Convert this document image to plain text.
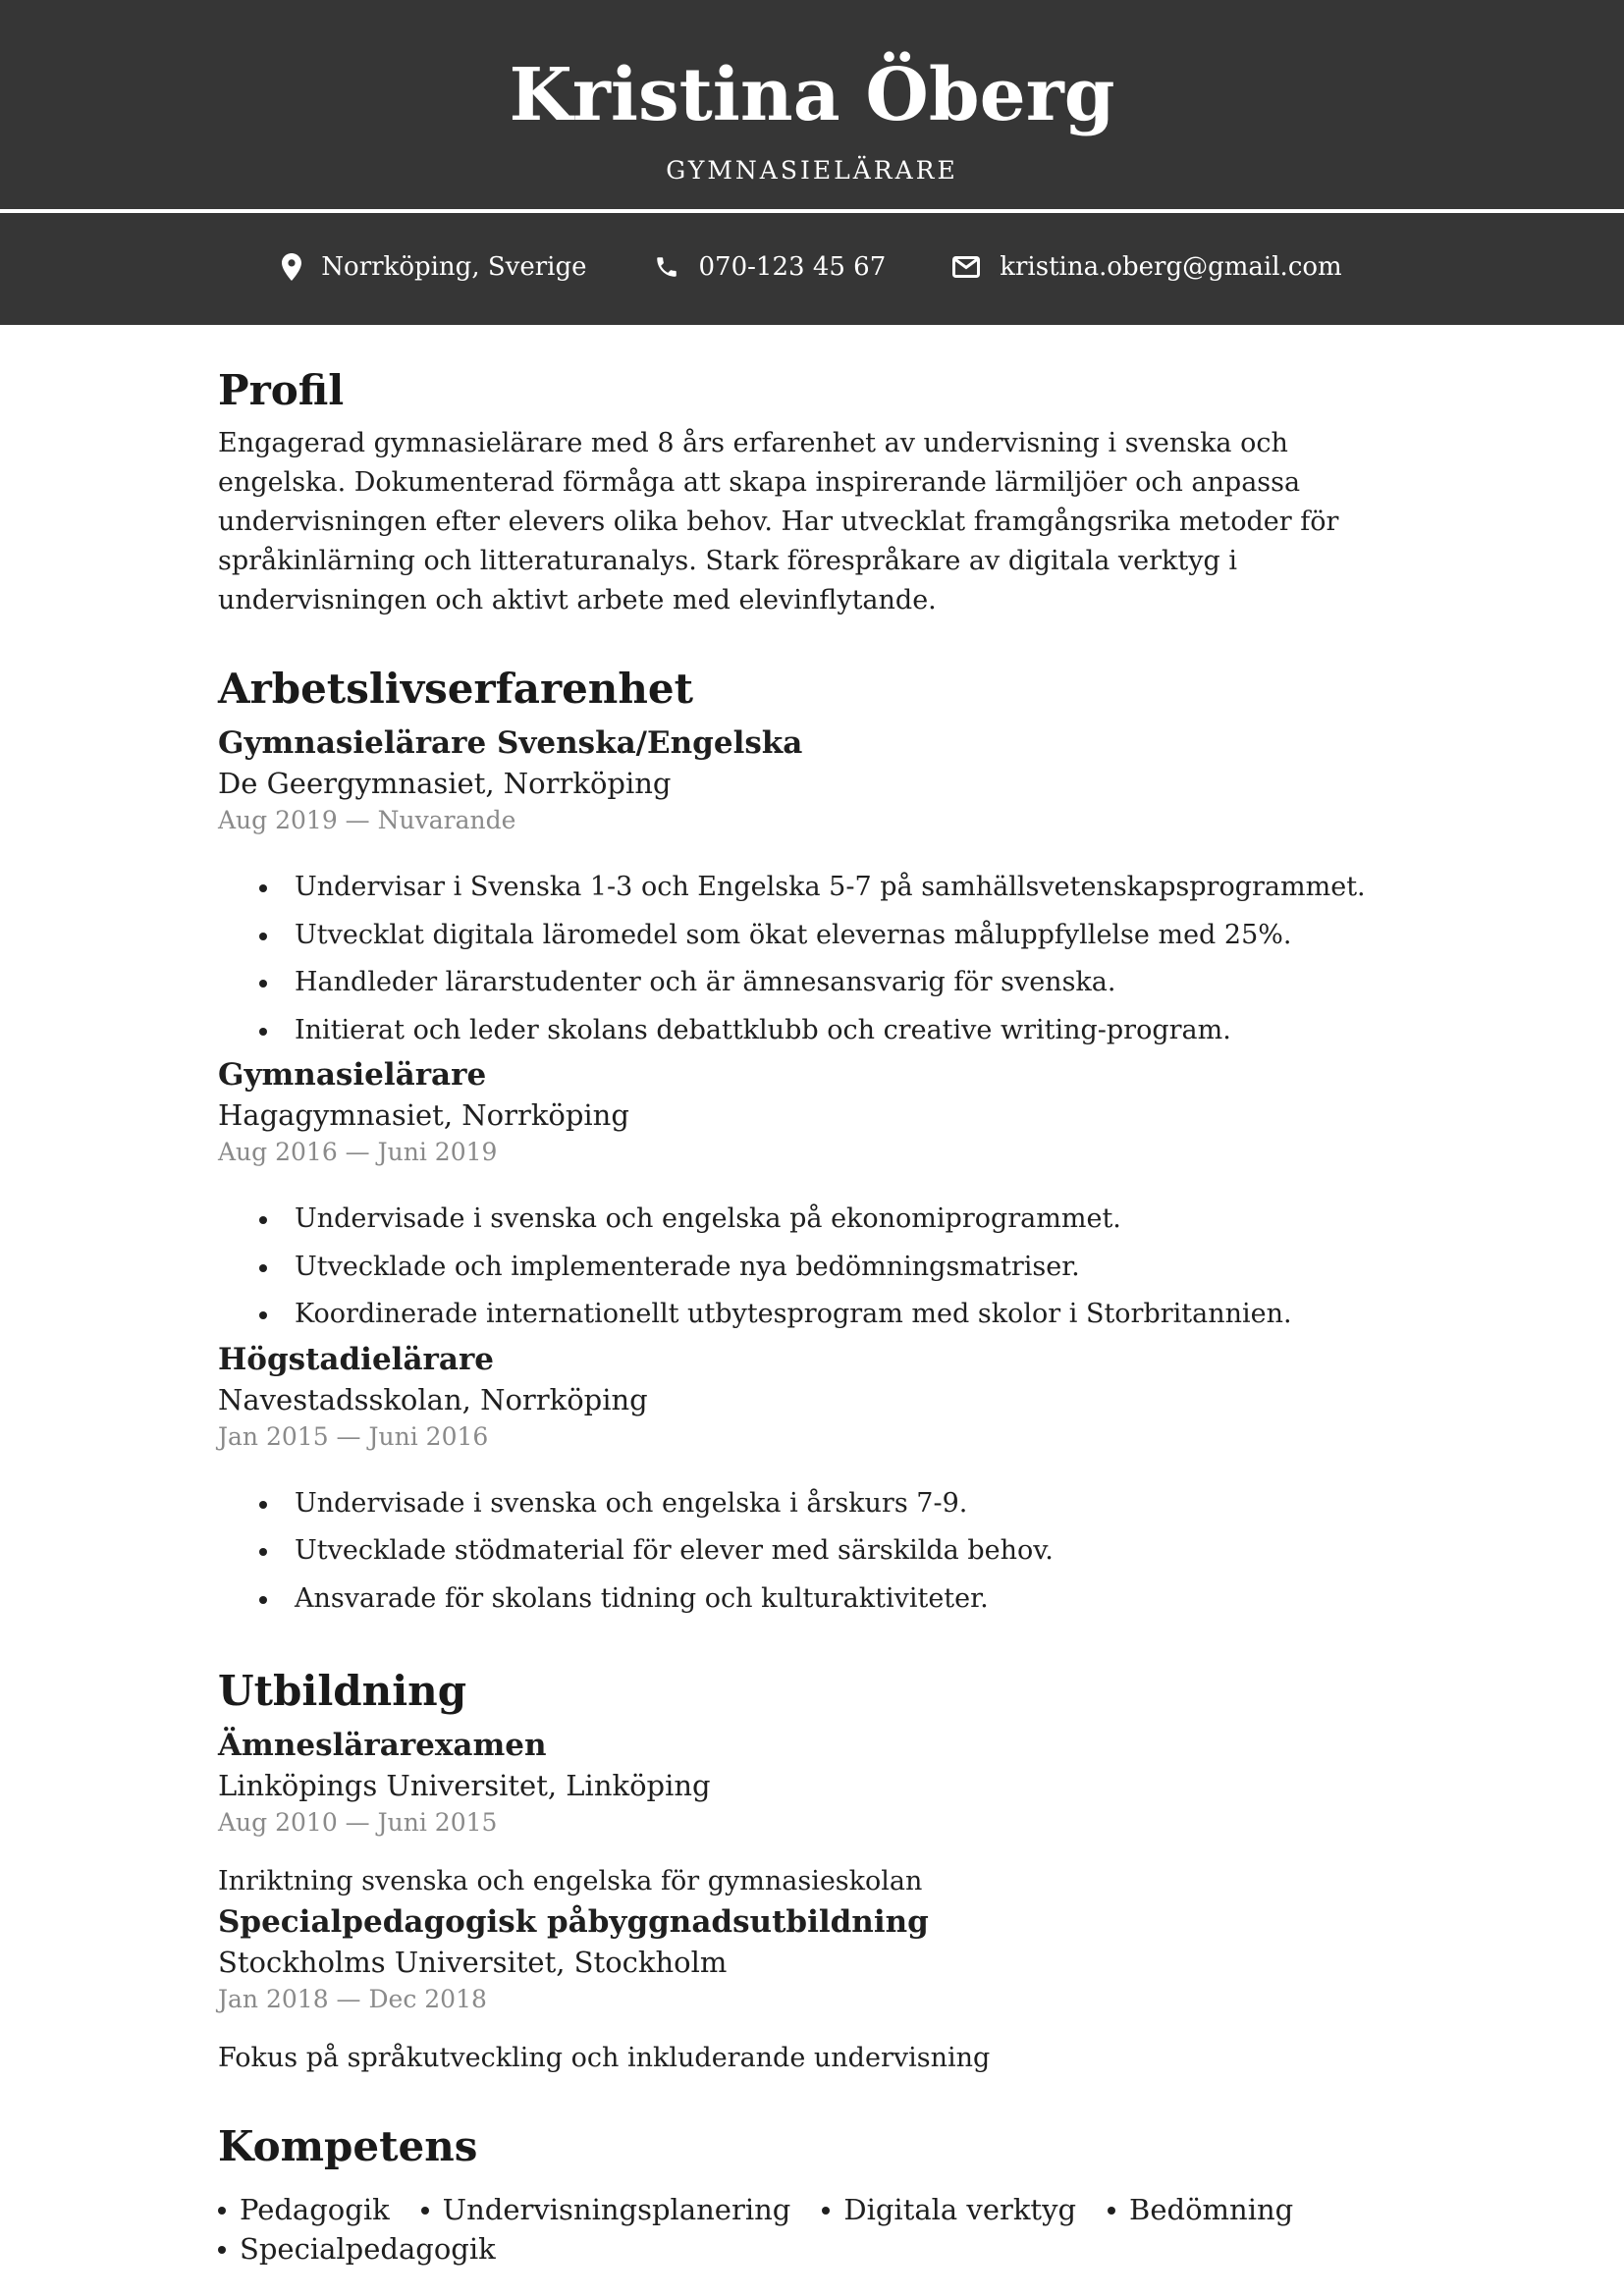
Kristina Öberg
GYMNASIELÄRARE
Norrköping, Sverige	070-123 45 67	kristina.oberg@gmail.com
Profil

Engagerad gymnasielärare med 8 års erfarenhet av undervisning i svenska och engelska. Dokumenterad förmåga att skapa inspirerande lärmiljöer och anpassa undervisningen efter elevers olika behov. Har utvecklat framgångsrika metoder för språkinlärning och litteraturanalys. Stark förespråkare av digitala verktyg i undervisningen och aktivt arbete med elevinflytande.

Arbetslivserfarenhet
Gymnasielärare Svenska/Engelska
De Geergymnasiet, Norrköping
Aug 2019 — Nuvarande
Undervisar i Svenska 1-3 och Engelska 5-7 på samhällsvetenskapsprogrammet.
Utvecklat digitala läromedel som ökat elevernas måluppfyllelse med 25%.
Handleder lärarstudenter och är ämnesansvarig för svenska.
Initierat och leder skolans debattklubb och creative writing-program.
Gymnasielärare
Hagagymnasiet, Norrköping
Aug 2016 — Juni 2019
Undervisade i svenska och engelska på ekonomiprogrammet.
Utvecklade och implementerade nya bedömningsmatriser.
Koordinerade internationellt utbytesprogram med skolor i Storbritannien.
Högstadielärare
Navestadsskolan, Norrköping
Jan 2015 — Juni 2016
Undervisade i svenska och engelska i årskurs 7-9.
Utvecklade stödmaterial för elever med särskilda behov.
Ansvarade för skolans tidning och kulturaktiviteter.
Utbildning
Ämneslärarexamen
Linköpings Universitet, Linköping
Aug 2010 — Juni 2015
Inriktning svenska och engelska för gymnasieskolan
Specialpedagogisk påbyggnadsutbildning
Stockholms Universitet, Stockholm
Jan 2018 — Dec 2018
Fokus på språkutveckling och inkluderande undervisning
Kompetens
Pedagogik	Undervisningsplanering	Digitala verktyg	Bedömning
Specialpedagogik
